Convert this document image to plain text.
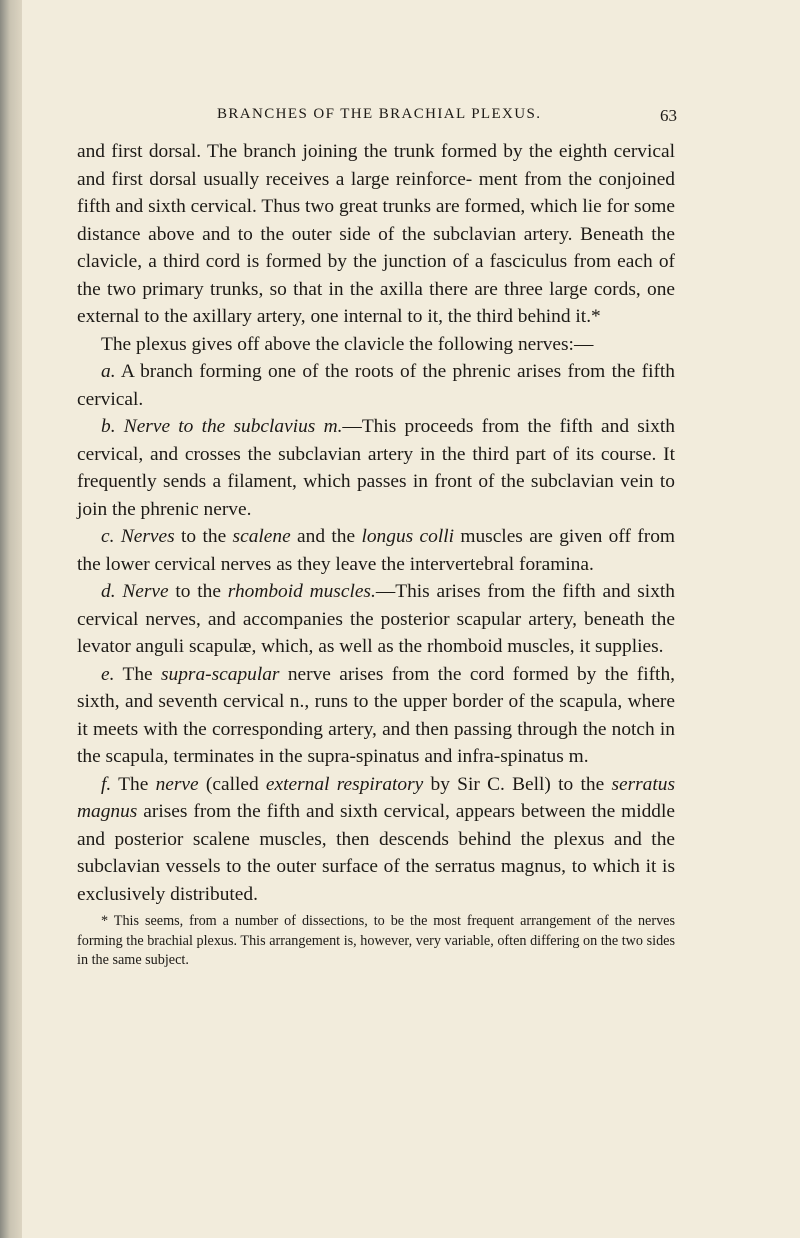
BRANCHES OF THE BRACHIAL PLEXUS.	63

and first dorsal. The branch joining the trunk formed by the eighth cervical and first dorsal usually receives a large reinforce- ment from the conjoined fifth and sixth cervical. Thus two great trunks are formed, which lie for some distance above and to the outer side of the subclavian artery. Beneath the clavicle, a third cord is formed by the junction of a fasciculus from each of the two primary trunks, so that in the axilla there are three large cords, one external to the axillary artery, one internal to it, the third behind it.*

The plexus gives off above the clavicle the following nerves:—

a. A branch forming one of the roots of the phrenic arises from the fifth cervical.

b. Nerve to the subclavius m.—This proceeds from the fifth and sixth cervical, and crosses the subclavian artery in the third part of its course. It frequently sends a filament, which passes in front of the subclavian vein to join the phrenic nerve.

c. Nerves to the scalene and the longus colli muscles are given off from the lower cervical nerves as they leave the intervertebral foramina.

d. Nerve to the rhomboid muscles.—This arises from the fifth and sixth cervical nerves, and accompanies the posterior scapular artery, beneath the levator anguli scapulæ, which, as well as the rhomboid muscles, it supplies.

e. The supra-scapular nerve arises from the cord formed by the fifth, sixth, and seventh cervical n., runs to the upper border of the scapula, where it meets with the corresponding artery, and then passing through the notch in the scapula, terminates in the supra-spinatus and infra-spinatus m.

f. The nerve (called external respiratory by Sir C. Bell) to the serratus magnus arises from the fifth and sixth cervical, appears between the middle and posterior scalene muscles, then descends behind the plexus and the subclavian vessels to the outer surface of the serratus magnus, to which it is exclusively distributed.

* This seems, from a number of dissections, to be the most frequent arrangement of the nerves forming the brachial plexus. This arrangement is, however, very variable, often differing on the two sides in the same subject.
